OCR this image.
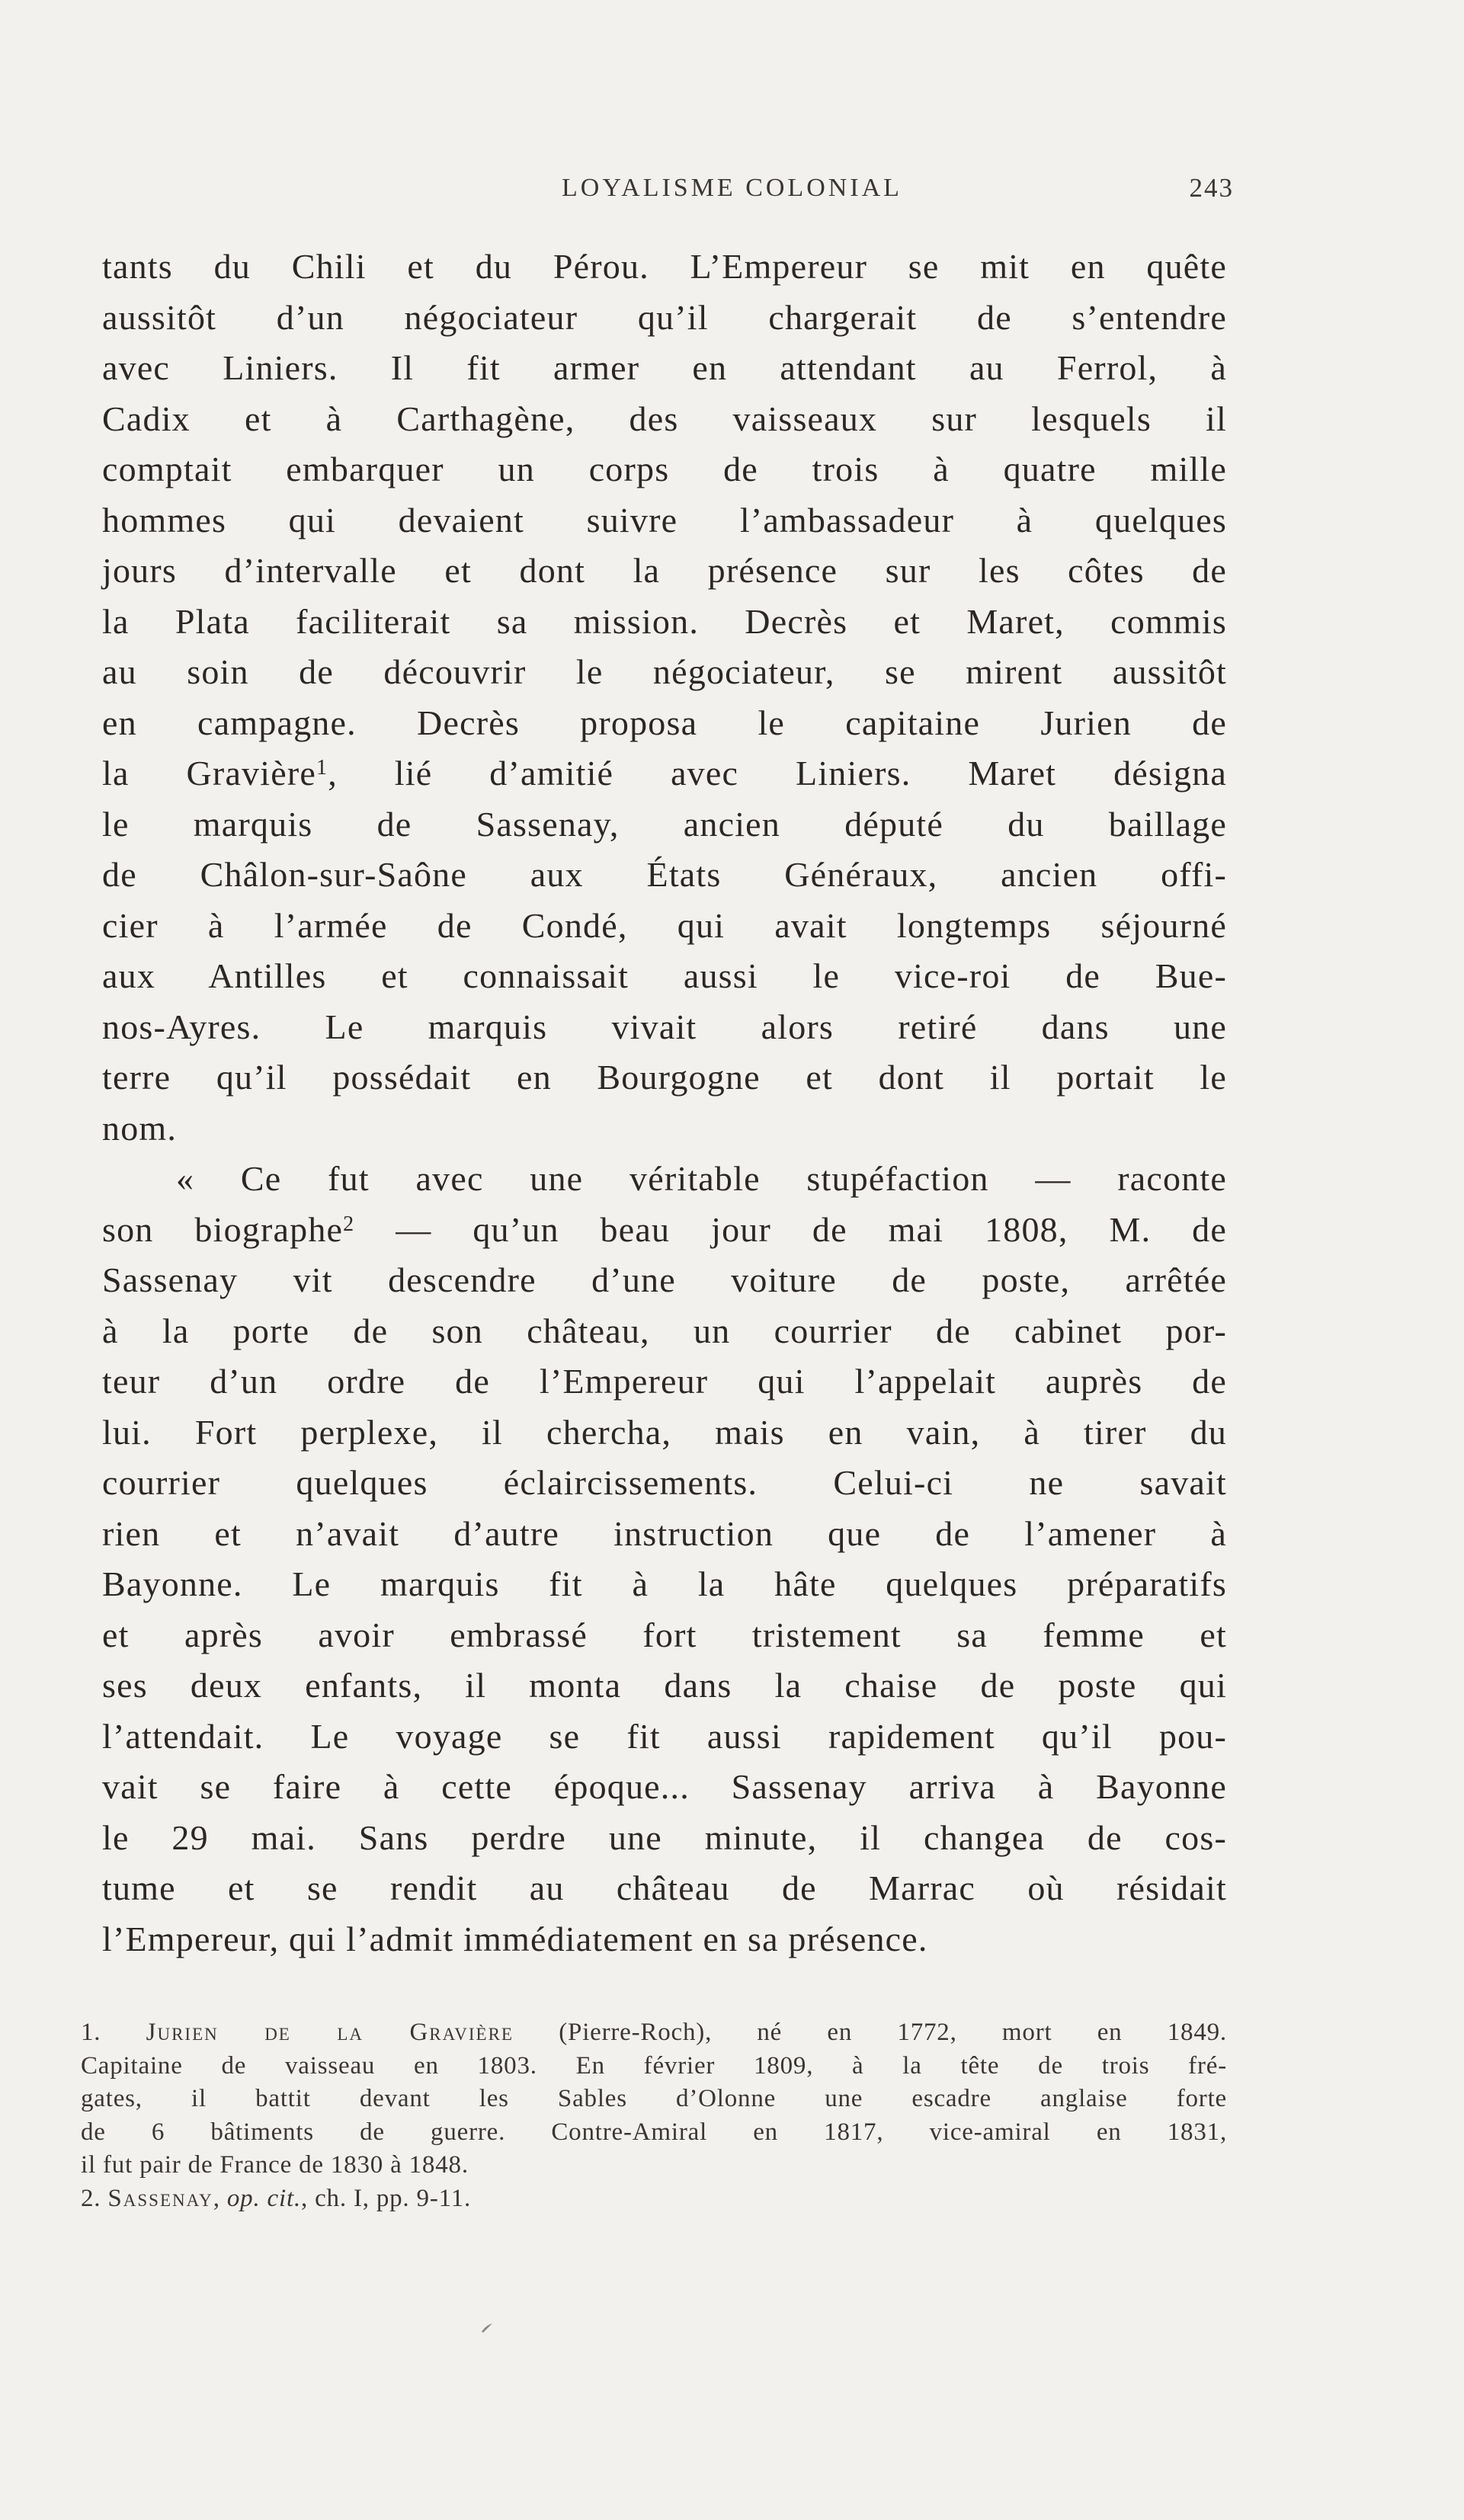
LOYALISME COLONIAL	243
tants du Chili et du Pérou. L’Empereur se mit en quête
aussitôt d’un négociateur qu’il chargerait de s’entendre
avec Liniers. Il fit armer en attendant au Ferrol, à
Cadix et à Carthagène, des vaisseaux sur lesquels il
comptait embarquer un corps de trois à quatre mille
hommes qui devaient suivre l’ambassadeur à quelques
jours d’intervalle et dont la présence sur les côtes de
la Plata faciliterait sa mission. Decrès et Maret, commis
au soin de découvrir le négociateur, se mirent aussitôt
en campagne. Decrès proposa le capitaine Jurien de
la Gravière$^1$, lié d’amitié avec Liniers. Maret désigna
le marquis de Sassenay, ancien député du baillage
de Châlon-sur-Saône aux États Généraux, ancien offi-
cier à l’armée de Condé, qui avait longtemps séjourné
aux Antilles et connaissait aussi le vice-roi de Bue-
nos-Ayres. Le marquis vivait alors retiré dans une
terre qu’il possédait en Bourgogne et dont il portait le
nom.
« Ce fut avec une véritable stupéfaction — raconte
son biographe$^2$ — qu’un beau jour de mai 1808, M. de
Sassenay vit descendre d’une voiture de poste, arrêtée
à la porte de son château, un courrier de cabinet por-
teur d’un ordre de l’Empereur qui l’appelait auprès de
lui. Fort perplexe, il chercha, mais en vain, à tirer du
courrier quelques éclaircissements. Celui-ci ne savait
rien et n’avait d’autre instruction que de l’amener à
Bayonne. Le marquis fit à la hâte quelques préparatifs
et après avoir embrassé fort tristement sa femme et
ses deux enfants, il monta dans la chaise de poste qui
l’attendait. Le voyage se fit aussi rapidement qu’il pou-
vait se faire à cette époque... Sassenay arriva à Bayonne
le 29 mai. Sans perdre une minute, il changea de cos-
tume et se rendit au château de Marrac où résidait
l’Empereur, qui l’admit immédiatement en sa présence.
1. Jurien de la Gravière (Pierre-Roch), né en 1772, mort en 1849.
Capitaine de vaisseau en 1803. En février 1809, à la tête de trois fré-
gates, il battit devant les Sables d’Olonne une escadre anglaise forte
de 6 bâtiments de guerre. Contre-Amiral en 1817, vice-amiral en 1831,
il fut pair de France de 1830 à 1848.
2. Sassenay, op. cit., ch. I, pp. 9-11.
